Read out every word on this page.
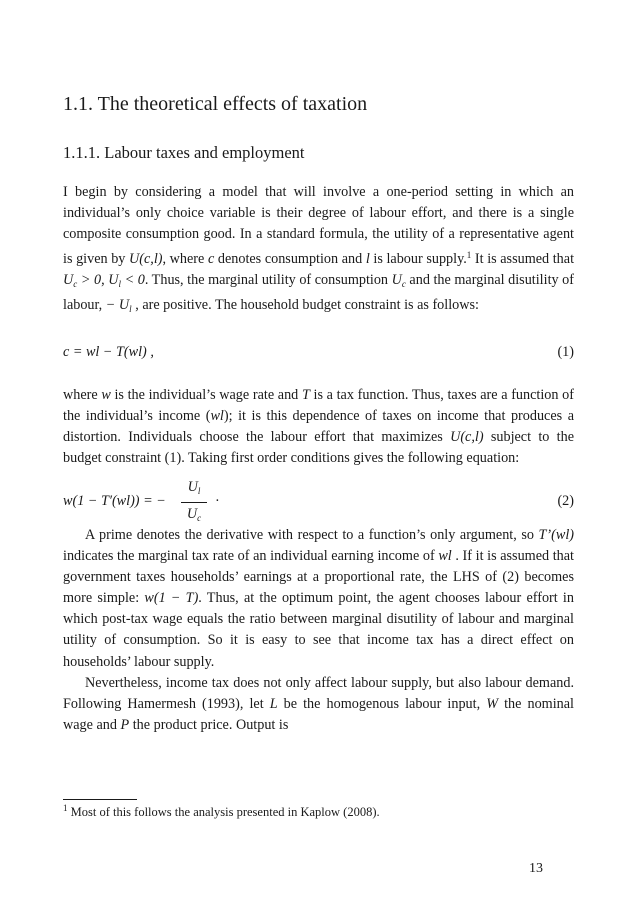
1.1. The theoretical effects of taxation
1.1.1. Labour taxes and employment

I begin by considering a model that will involve a one-period setting in which an individual’s only choice variable is their degree of labour effort, and there is a single composite consumption good. In a standard formula, the utility of a representative agent is given by U(c,l), where c denotes consumption and l is labour supply.$^1$ It is assumed that $U_c > 0$, $U_l < 0$. Thus, the marginal utility of consumption $U_c$ and the marginal disutility of labour, − $U_l$ , are positive. The household budget constraint is as follows:

c = wl − T(wl) ,	(1)

where w is the individual’s wage rate and T is a tax function. Thus, taxes are a function of the individual’s income (wl); it is this dependence of taxes on income that produces a distortion. Individuals choose the labour effort that maximizes U(c,l) subject to the budget constraint (1). Taking first order conditions gives the following equation:

w(1 − T′(wl)) = −
$U_l$
$U_c$
·	(2)

A prime denotes the derivative with respect to a function’s only argument, so T’(wl) indicates the marginal tax rate of an individual earning income of wl . If it is assumed that government taxes households’ earnings at a proportional rate, the LHS of (2) becomes more simple: w(1 − T). Thus, at the optimum point, the agent chooses labour effort in which post-tax wage equals the ratio between marginal disutility of labour and marginal utility of consumption. So it is easy to see that income tax has a direct effect on households’ labour supply.

Nevertheless, income tax does not only affect labour supply, but also labour demand. Following Hamermesh (1993), let L be the homogenous labour input, W the nominal wage and P the product price. Output is

$^1$ Most of this follows the analysis presented in Kaplow (2008).
13
